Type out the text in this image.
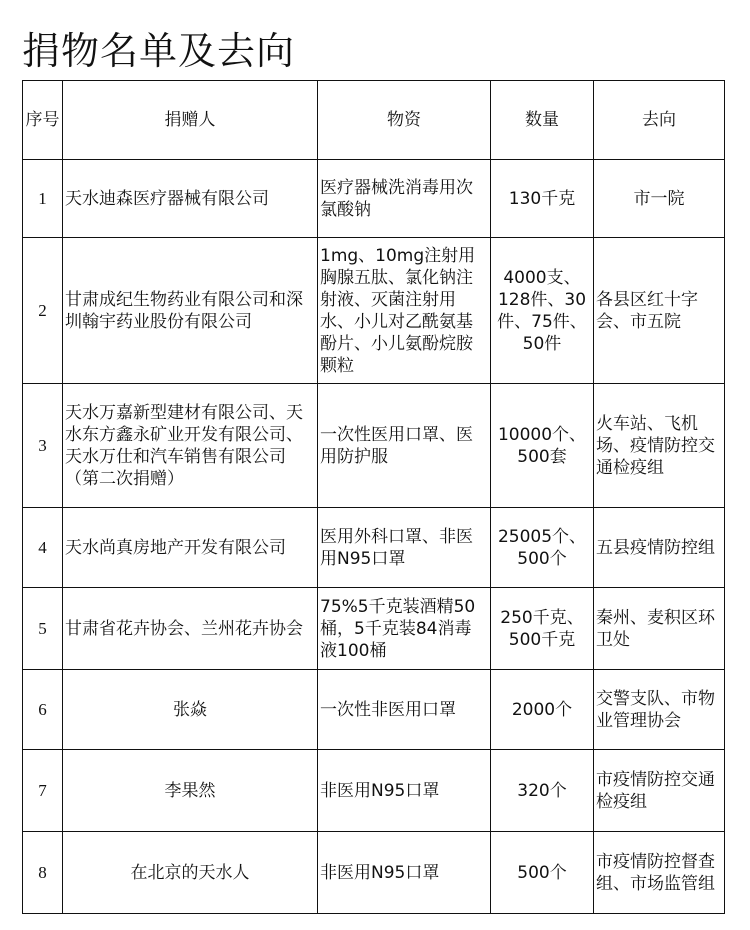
捐物名单及去向
序号	捐赠人	物资	数量	去向
1	天水迪森医疗器械有限公司	医疗器械洗消毒用次氯酸钠	130千克	市一院
2	甘肃成纪生物药业有限公司和深圳翰宇药业股份有限公司	1mg、10mg注射用胸腺五肽、氯化钠注射液、灭菌注射用水、小儿对乙酰氨基酚片、小儿氨酚烷胺颗粒	4000支、128件、30件、75件、50件	各县区红十字会、市五院
3	天水万嘉新型建材有限公司、天水东方鑫永矿业开发有限公司、天水万仕和汽车销售有限公司（第二次捐赠）	一次性医用口罩、医用防护服	10000个、500套	火车站、飞机场、疫情防控交通检疫组
4	天水尚真房地产开发有限公司	医用外科口罩、非医用N95口罩	25005个、500个	五县疫情防控组
5	甘肃省花卉协会、兰州花卉协会	75%5千克装酒精50桶，5千克装84消毒液100桶	250千克、500千克	秦州、麦积区环卫处
6	张焱	一次性非医用口罩	2000个	交警支队、市物业管理协会
7	李果然	非医用N95口罩	320个	市疫情防控交通检疫组
8	在北京的天水人	非医用N95口罩	500个	市疫情防控督查组、市场监管组
